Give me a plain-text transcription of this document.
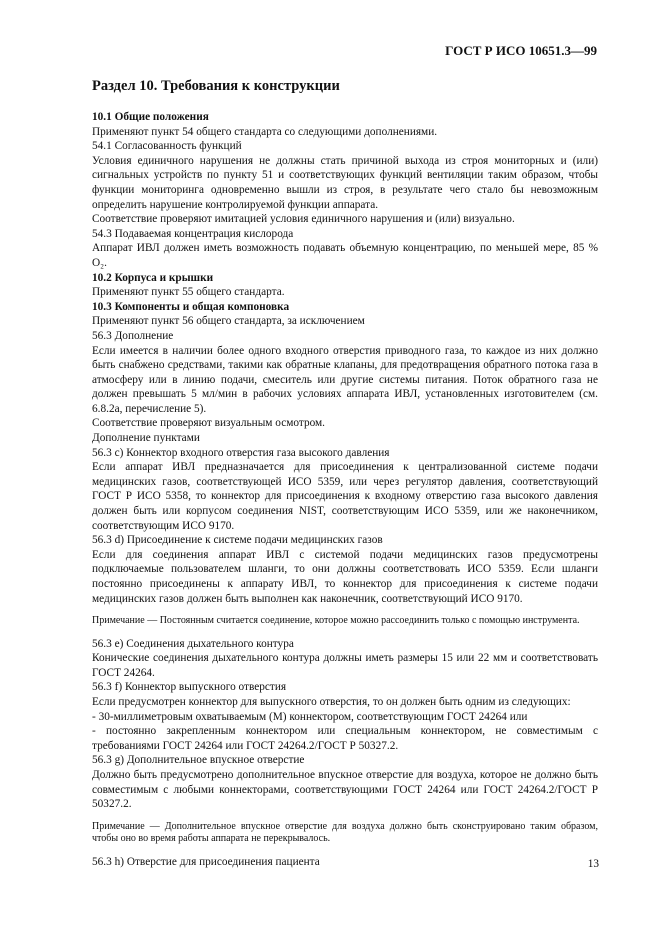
ГОСТ Р ИСО 10651.3—99
Раздел 10. Требования к конструкции

10.1 Общие положения

Применяют пункт 54 общего стандарта со следующими дополнениями.

54.1 Согласованность функций

Условия единичного нарушения не должны стать причиной выхода из строя мониторных и (или) сигнальных устройств по пункту 51 и соответствующих функций вентиляции таким образом, чтобы функции мониторинга одновременно вышли из строя, в результате чего стало бы невозможным определить нарушение контролируемой функции аппарата.

Соответствие проверяют имитацией условия единичного нарушения и (или) визуально.

54.3 Подаваемая концентрация кислорода

Аппарат ИВЛ должен иметь возможность подавать объемную концентрацию, по меньшей мере, 85 % O₂.

10.2 Корпуса и крышки

Применяют пункт 55 общего стандарта.

10.3 Компоненты и общая компоновка

Применяют пункт 56 общего стандарта, за исключением

56.3 Дополнение

Если имеется в наличии более одного входного отверстия приводного газа, то каждое из них должно быть снабжено средствами, такими как обратные клапаны, для предотвращения обратного потока газа в атмосферу или в линию подачи, смеситель или другие системы питания. Поток обратного газа не должен превышать 5 мл/мин в рабочих условиях аппарата ИВЛ, установленных изготовителем (см. 6.8.2а, перечисление 5).

Соответствие проверяют визуальным осмотром.

Дополнение пунктами

56.3 c) Коннектор входного отверстия газа высокого давления

Если аппарат ИВЛ предназначается для присоединения к централизованной системе подачи медицинских газов, соответствующей ИСО 5359, или через регулятор давления, соответствующий ГОСТ Р ИСО 5358, то коннектор для присоединения к входному отверстию газа высокого давления должен быть или корпусом соединения NIST, соответствующим ИСО 5359, или же наконечником, соответствующим ИСО 9170.

56.3 d) Присоединение к системе подачи медицинских газов

Если для соединения аппарат ИВЛ с системой подачи медицинских газов предусмотрены подключаемые пользователем шланги, то они должны соответствовать ИСО 5359. Если шланги постоянно присоединены к аппарату ИВЛ, то коннектор для присоединения к системе подачи медицинских газов должен быть выполнен как наконечник, соответствующий ИСО 9170.

Примечание — Постоянным считается соединение, которое можно рассоединить только с помощью инструмента.

56.3 e) Соединения дыхательного контура

Конические соединения дыхательного контура должны иметь размеры 15 или 22 мм и соответствовать ГОСТ 24264.

56.3 f) Коннектор выпускного отверстия

Если предусмотрен коннектор для выпускного отверстия, то он должен быть одним из следующих:

- 30-миллиметровым охватываемым (М) коннектором, соответствующим ГОСТ 24264 или

- постоянно закрепленным коннектором или специальным коннектором, не совместимым с требованиями ГОСТ 24264 или ГОСТ 24264.2/ГОСТ Р 50327.2.

56.3 g) Дополнительное впускное отверстие

Должно быть предусмотрено дополнительное впускное отверстие для воздуха, которое не должно быть совместимым с любыми коннекторами, соответствующими ГОСТ 24264 или ГОСТ 24264.2/ГОСТ Р 50327.2.

Примечание — Дополнительное впускное отверстие для воздуха должно быть сконструировано таким образом, чтобы оно во время работы аппарата не перекрывалось.

56.3 h) Отверстие для присоединения пациента	13
